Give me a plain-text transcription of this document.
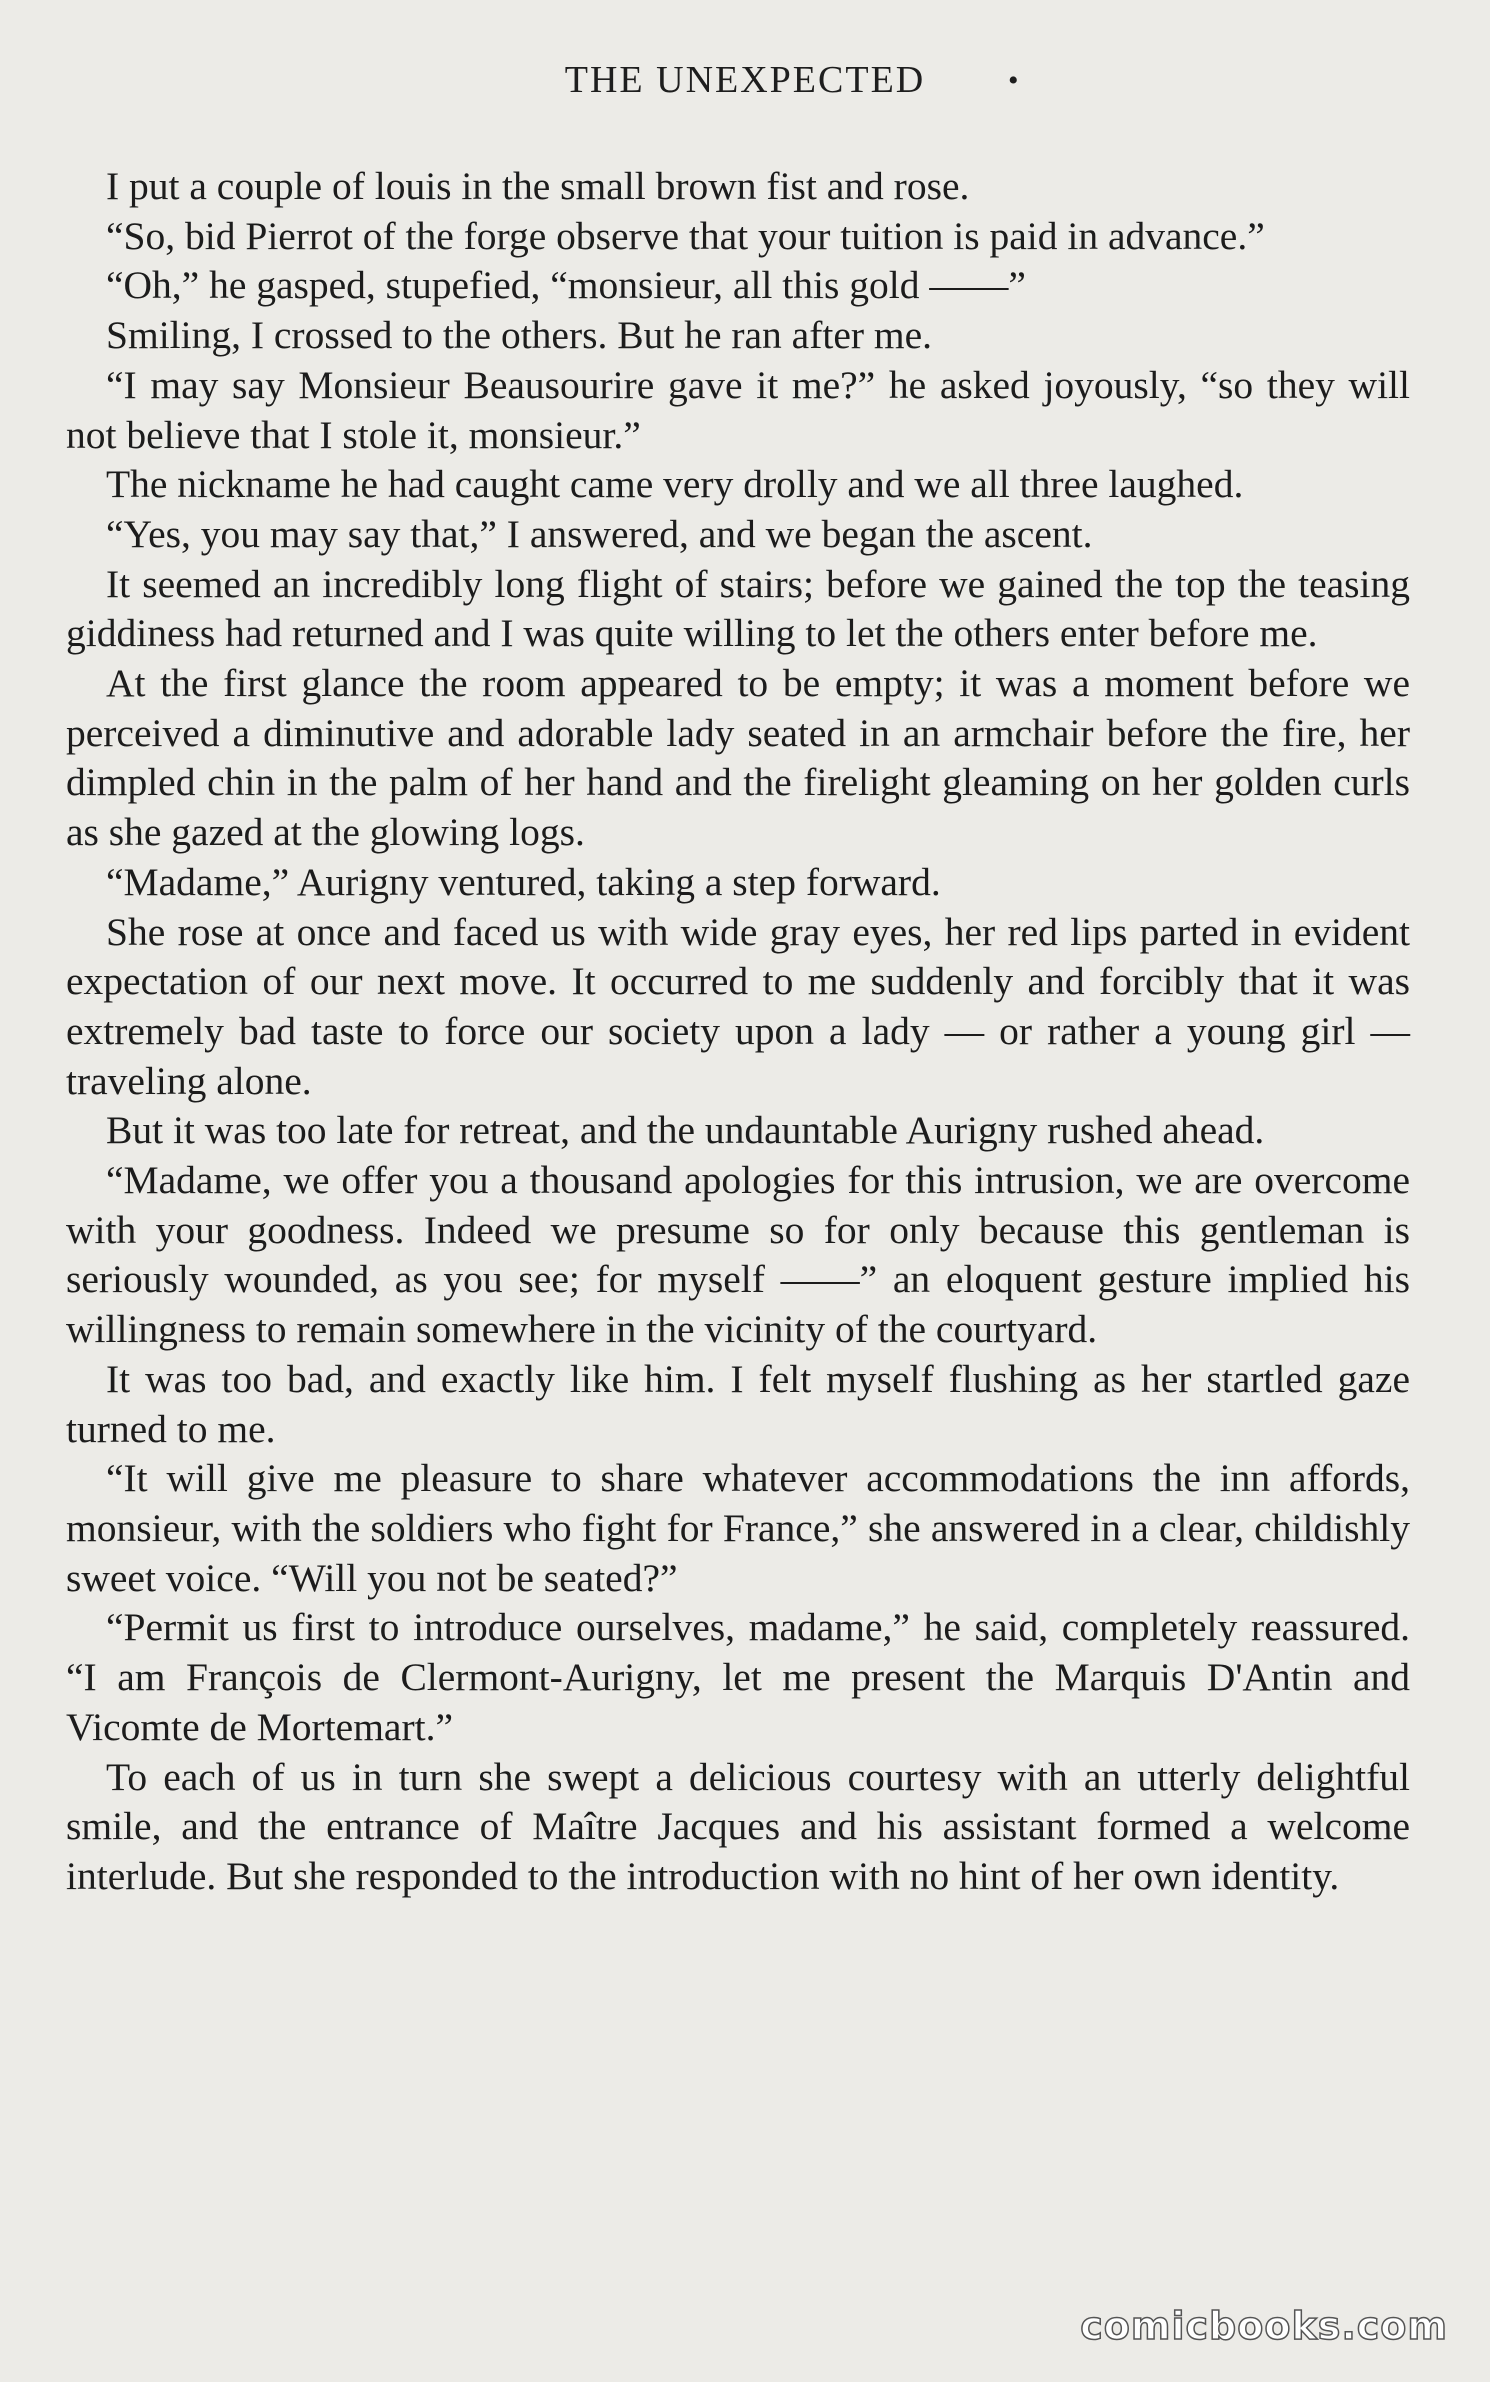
THE UNEXPECTED	•

I put a couple of louis in the small brown fist and rose.

“So, bid Pierrot of the forge observe that your tuition is paid in advance.”

“Oh,” he gasped, stupefied, “monsieur, all this gold ——”

Smiling, I crossed to the others. But he ran after me.

“I may say Monsieur Beausourire gave it me?” he asked joyously, “so they will not believe that I stole it, monsieur.”

The nickname he had caught came very drolly and we all three laughed.

“Yes, you may say that,” I answered, and we began the ascent.

It seemed an incredibly long flight of stairs; before we gained the top the teasing giddiness had returned and I was quite willing to let the others enter before me.

At the first glance the room appeared to be empty; it was a moment before we perceived a diminutive and adorable lady seated in an armchair before the fire, her dimpled chin in the palm of her hand and the firelight gleaming on her golden curls as she gazed at the glowing logs.

“Madame,” Aurigny ventured, taking a step forward.

She rose at once and faced us with wide gray eyes, her red lips parted in evident expectation of our next move. It occurred to me suddenly and forcibly that it was extremely bad taste to force our society upon a lady — or rather a young girl — traveling alone.

But it was too late for retreat, and the undauntable Aurigny rushed ahead.

“Madame, we offer you a thousand apologies for this intrusion, we are overcome with your goodness. Indeed we presume so for only because this gentleman is seriously wounded, as you see; for myself ——” an eloquent gesture implied his willingness to remain somewhere in the vicinity of the courtyard.

It was too bad, and exactly like him. I felt myself flushing as her startled gaze turned to me.

“It will give me pleasure to share whatever accommodations the inn affords, monsieur, with the soldiers who fight for France,” she answered in a clear, childishly sweet voice. “Will you not be seated?”

“Permit us first to introduce ourselves, madame,” he said, completely reassured. “I am François de Clermont-Aurigny, let me present the Marquis D'Antin and Vicomte de Mortemart.”

To each of us in turn she swept a delicious courtesy with an utterly delightful smile, and the entrance of Maître Jacques and his assistant formed a welcome interlude. But she responded to the introduction with no hint of her own identity.

comicbooks.com
